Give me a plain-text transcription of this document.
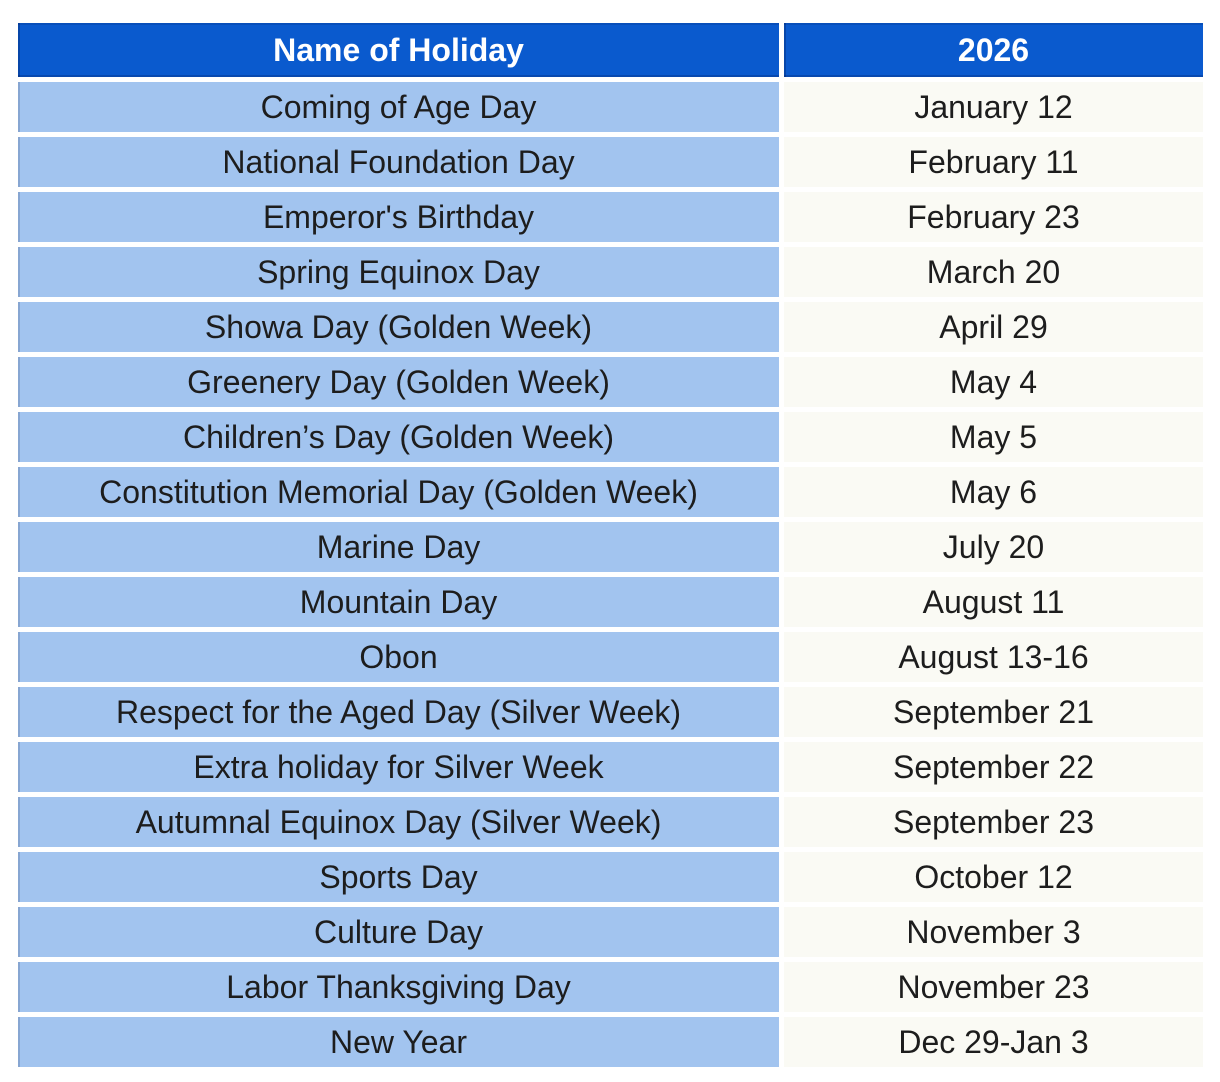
Name of Holiday	2026
Coming of Age Day	January 12
National Foundation Day	February 11
Emperor's Birthday	February 23
Spring Equinox Day	March 20
Showa Day (Golden Week)	April 29
Greenery Day (Golden Week)	May 4
Children’s Day (Golden Week)	May 5
Constitution Memorial Day (Golden Week)	May 6
Marine Day	July 20
Mountain Day	August 11
Obon	August 13-16
Respect for the Aged Day (Silver Week)	September 21
Extra holiday for Silver Week	September 22
Autumnal Equinox Day (Silver Week)	September 23
Sports Day	October 12
Culture Day	November 3
Labor Thanksgiving Day	November 23
New Year	Dec 29-Jan 3
